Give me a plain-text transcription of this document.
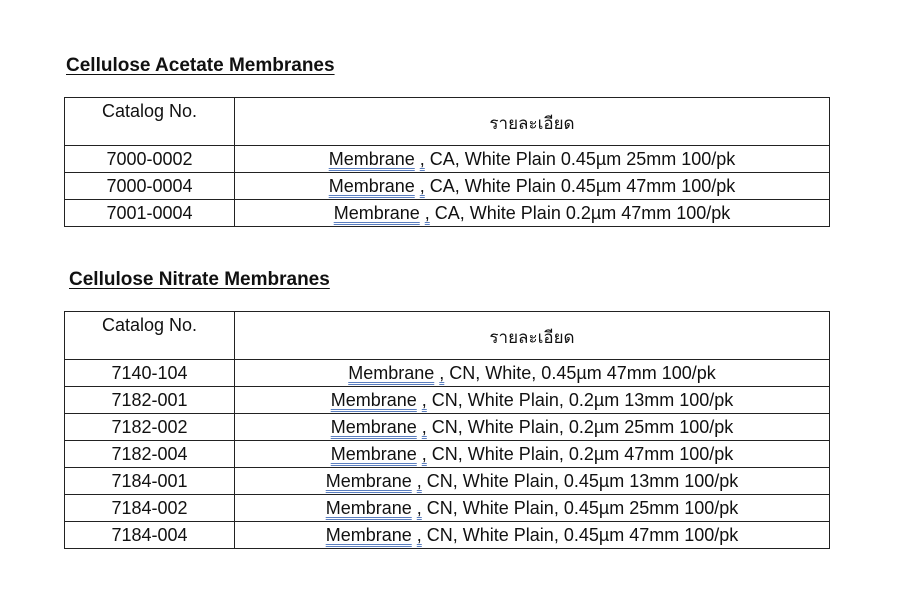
Cellulose Acetate Membranes
Catalog No.	รายละเอียด
7000-0002	Membrane , CA, White Plain 0.45µm 25mm 100/pk
7000-0004	Membrane , CA, White Plain 0.45µm 47mm 100/pk
7001-0004	Membrane , CA, White Plain 0.2µm 47mm 100/pk
Cellulose Nitrate Membranes
Catalog No.	รายละเอียด
7140-104	Membrane , CN, White, 0.45µm 47mm 100/pk
7182-001	Membrane , CN, White Plain, 0.2µm 13mm 100/pk
7182-002	Membrane , CN, White Plain, 0.2µm 25mm 100/pk
7182-004	Membrane , CN, White Plain, 0.2µm 47mm 100/pk
7184-001	Membrane , CN, White Plain, 0.45µm 13mm 100/pk
7184-002	Membrane , CN, White Plain, 0.45µm 25mm 100/pk
7184-004	Membrane , CN, White Plain, 0.45µm 47mm 100/pk
